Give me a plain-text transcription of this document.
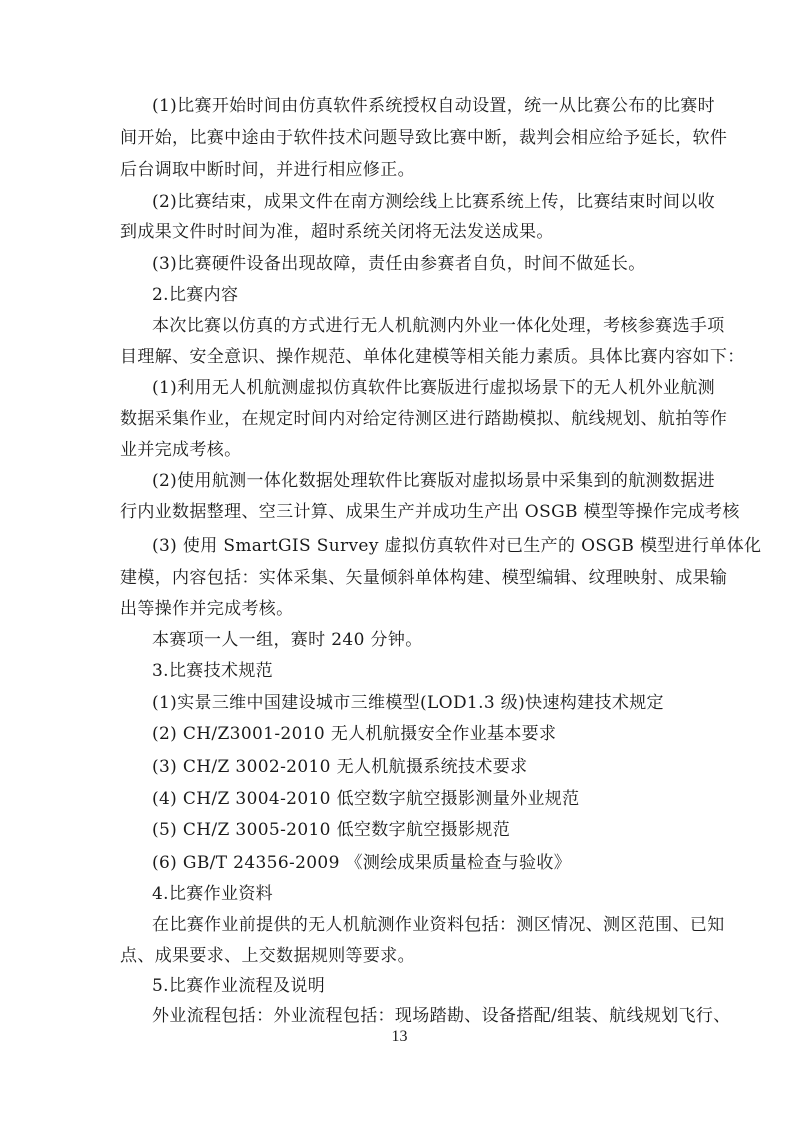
(1)比赛开始时间由仿真软件系统授权自动设置，统一从比赛公布的比赛时
间开始，比赛中途由于软件技术问题导致比赛中断，裁判会相应给予延长，软件
后台调取中断时间，并进行相应修正。
(2)比赛结束，成果文件在南方测绘线上比赛系统上传，比赛结束时间以收
到成果文件时时间为准，超时系统关闭将无法发送成果。
(3)比赛硬件设备出现故障，责任由参赛者自负，时间不做延长。
2.比赛内容
本次比赛以仿真的方式进行无人机航测内外业一体化处理，考核参赛选手项
目理解、安全意识、操作规范、单体化建模等相关能力素质。具体比赛内容如下：
(1)利用无人机航测虚拟仿真软件比赛版进行虚拟场景下的无人机外业航测
数据采集作业，在规定时间内对给定待测区进行踏勘模拟、航线规划、航拍等作
业并完成考核。
(2)使用航测一体化数据处理软件比赛版对虚拟场景中采集到的航测数据进
行内业数据整理、空三计算、成果生产并成功生产出 OSGB 模型等操作完成考核
(3) 使用 SmartGIS Survey 虚拟仿真软件对已生产的 OSGB 模型进行单体化
建模，内容包括：实体采集、矢量倾斜单体构建、模型编辑、纹理映射、成果输
出等操作并完成考核。
本赛项一人一组，赛时 240 分钟。
3.比赛技术规范
(1)实景三维中国建设城市三维模型(LOD1.3 级)快速构建技术规定
(2) CH/Z3001-2010 无人机航摄安全作业基本要求
(3) CH/Z 3002-2010 无人机航摄系统技术要求
(4) CH/Z 3004-2010 低空数字航空摄影测量外业规范
(5) CH/Z 3005-2010 低空数字航空摄影规范
(6) GB/T 24356-2009 《测绘成果质量检查与验收》
4.比赛作业资料
在比赛作业前提供的无人机航测作业资料包括：测区情况、测区范围、已知
点、成果要求、上交数据规则等要求。
5.比赛作业流程及说明
外业流程包括：外业流程包括：现场踏勘、设备搭配/组装、航线规划飞行、
13
